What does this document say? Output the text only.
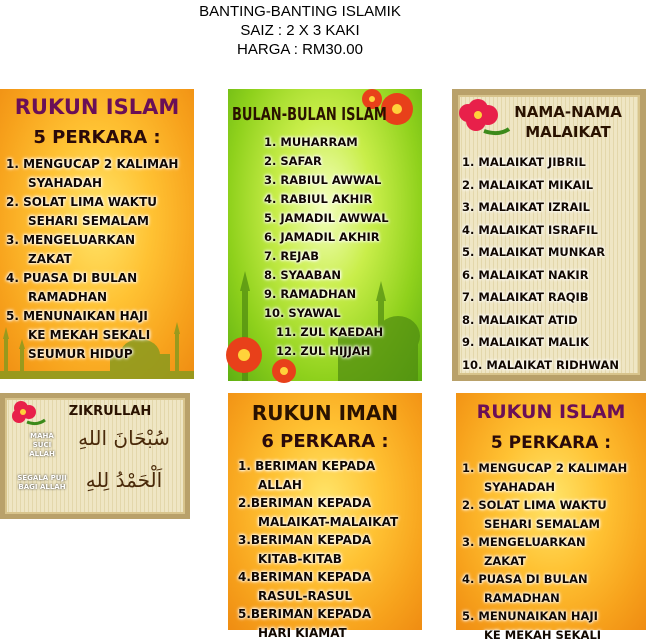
BANTING-BANTING ISLAMIK
SAIZ : 2 X 3 KAKI
HARGA : RM30.00
RUKUN ISLAM
5 PERKARA :
1. MENGUCAP 2 KALIMAH
SYAHADAH
2. SOLAT LIMA WAKTU
SEHARI SEMALAM
3. MENGELUARKAN
ZAKAT
4. PUASA DI BULAN
RAMADHAN
5. MENUNAIKAN HAJI
KE MEKAH SEKALI
SEUMUR HIDUP
BULAN-BULAN ISLAM
1. MUHARRAM
2. SAFAR
3. RABIUL AWWAL
4. RABIUL AKHIR
5. JAMADIL AWWAL
6. JAMADIL AKHIR
7. REJAB
8. SYAABAN
9. RAMADHAN
10. SYAWAL
11. ZUL KAEDAH
12. ZUL HIJJAH
NAMA-NAMA
MALAIKAT
1. MALAIKAT JIBRIL
2. MALAIKAT MIKAIL
3. MALAIKAT IZRAIL
4. MALAIKAT ISRAFIL
5. MALAIKAT MUNKAR
6. MALAIKAT NAKIR
7. MALAIKAT RAQIB
8. MALAIKAT ATID
9. MALAIKAT MALIK
10. MALAIKAT RIDHWAN
ZIKRULLAH
MAHA
SUCI ALLAH
سُبْحَانَ اللهِ
SEGALA PUJI
BAGI ALLAH	اَلْحَمْدُ لِلهِ
RUKUN IMAN
6 PERKARA :
1. BERIMAN KEPADA
ALLAH
2.BERIMAN KEPADA
MALAIKAT-MALAIKAT
3.BERIMAN KEPADA
KITAB-KITAB
4.BERIMAN KEPADA
RASUL-RASUL
5.BERIMAN KEPADA
HARI KIAMAT
RUKUN ISLAM
5 PERKARA :
1. MENGUCAP 2 KALIMAH
SYAHADAH
2. SOLAT LIMA WAKTU
SEHARI SEMALAM
3. MENGELUARKAN
ZAKAT
4. PUASA DI BULAN
RAMADHAN
5. MENUNAIKAN HAJI
KE MEKAH SEKALI
